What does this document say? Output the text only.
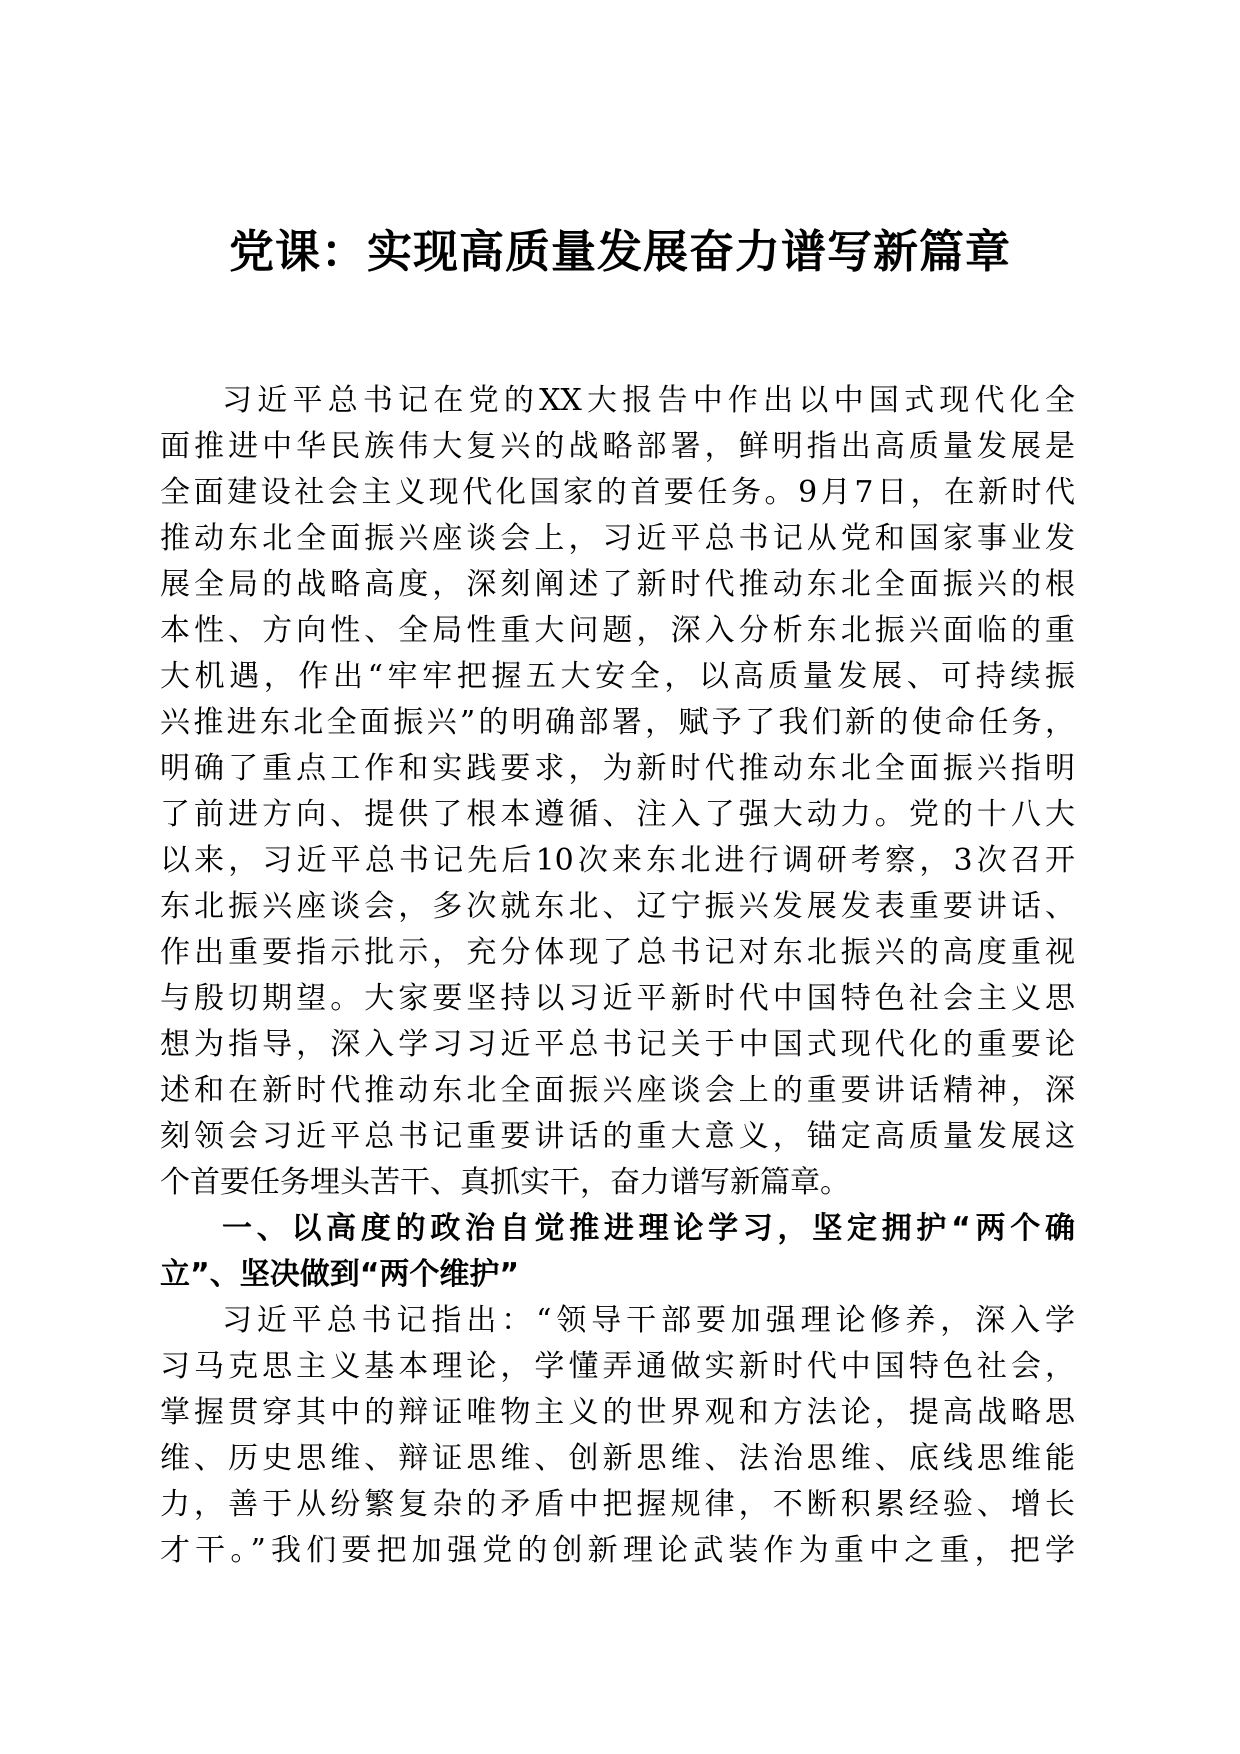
党课：实现高质量发展奋力谱写新篇章
习近平总书记在党的XX大报告中作出以中国式现代化全
面推进中华民族伟大复兴的战略部署，鲜明指出高质量发展是
全面建设社会主义现代化国家的首要任务。9月7日，在新时代
推动东北全面振兴座谈会上，习近平总书记从党和国家事业发
展全局的战略高度，深刻阐述了新时代推动东北全面振兴的根
本性、方向性、全局性重大问题，深入分析东北振兴面临的重
大机遇，作出“牢牢把握五大安全，以高质量发展、可持续振
兴推进东北全面振兴”的明确部署，赋予了我们新的使命任务，
明确了重点工作和实践要求，为新时代推动东北全面振兴指明
了前进方向、提供了根本遵循、注入了强大动力。党的十八大
以来，习近平总书记先后10次来东北进行调研考察，3次召开
东北振兴座谈会，多次就东北、辽宁振兴发展发表重要讲话、
作出重要指示批示，充分体现了总书记对东北振兴的高度重视
与殷切期望。大家要坚持以习近平新时代中国特色社会主义思
想为指导，深入学习习近平总书记关于中国式现代化的重要论
述和在新时代推动东北全面振兴座谈会上的重要讲话精神，深
刻领会习近平总书记重要讲话的重大意义，锚定高质量发展这
个首要任务埋头苦干、真抓实干，奋力谱写新篇章。
一、以高度的政治自觉推进理论学习，坚定拥护“两个确
立”、坚决做到“两个维护”
习近平总书记指出：“领导干部要加强理论修养，深入学
习马克思主义基本理论，学懂弄通做实新时代中国特色社会，
掌握贯穿其中的辩证唯物主义的世界观和方法论，提高战略思
维、历史思维、辩证思维、创新思维、法治思维、底线思维能
力，善于从纷繁复杂的矛盾中把握规律，不断积累经验、增长
才干。”我们要把加强党的创新理论武装作为重中之重，把学
